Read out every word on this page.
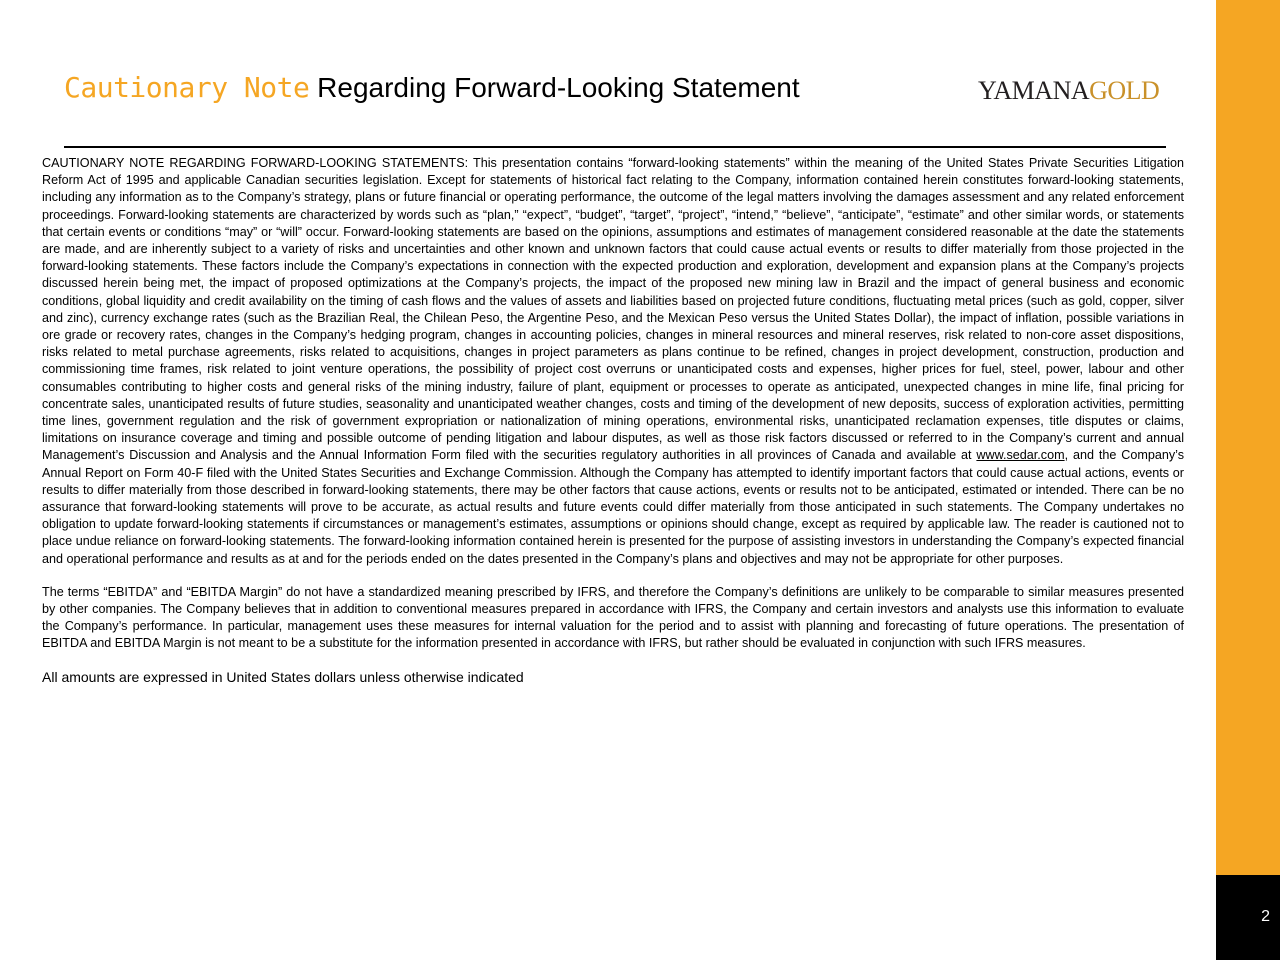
2
Cautionary Note Regarding Forward-Looking Statement	YAMANAGOLD

CAUTIONARY NOTE REGARDING FORWARD-LOOKING STATEMENTS: This presentation contains “forward-looking statements” within the meaning of the United States Private Securities Litigation Reform Act of 1995 and applicable Canadian securities legislation. Except for statements of historical fact relating to the Company, information contained herein constitutes forward-looking statements, including any information as to the Company’s strategy, plans or future financial or operating performance, the outcome of the legal matters involving the damages assessment and any related enforcement proceedings. Forward-looking statements are characterized by words such as “plan,” “expect”, “budget”, “target”, “project”, “intend,” “believe”, “anticipate”, “estimate” and other similar words, or statements that certain events or conditions “may” or “will” occur. Forward-looking statements are based on the opinions, assumptions and estimates of management considered reasonable at the date the statements are made, and are inherently subject to a variety of risks and uncertainties and other known and unknown factors that could cause actual events or results to differ materially from those projected in the forward-looking statements. These factors include the Company’s expectations in connection with the expected production and exploration, development and expansion plans at the Company’s projects discussed herein being met, the impact of proposed optimizations at the Company’s projects, the impact of the proposed new mining law in Brazil and the impact of general business and economic conditions, global liquidity and credit availability on the timing of cash flows and the values of assets and liabilities based on projected future conditions, fluctuating metal prices (such as gold, copper, silver and zinc), currency exchange rates (such as the Brazilian Real, the Chilean Peso, the Argentine Peso, and the Mexican Peso versus the United States Dollar), the impact of inflation, possible variations in ore grade or recovery rates, changes in the Company’s hedging program, changes in accounting policies, changes in mineral resources and mineral reserves, risk related to non-core asset dispositions, risks related to metal purchase agreements, risks related to acquisitions, changes in project parameters as plans continue to be refined, changes in project development, construction, production and commissioning time frames, risk related to joint venture operations, the possibility of project cost overruns or unanticipated costs and expenses, higher prices for fuel, steel, power, labour and other consumables contributing to higher costs and general risks of the mining industry, failure of plant, equipment or processes to operate as anticipated, unexpected changes in mine life, final pricing for concentrate sales, unanticipated results of future studies, seasonality and unanticipated weather changes, costs and timing of the development of new deposits, success of exploration activities, permitting time lines, government regulation and the risk of government expropriation or nationalization of mining operations, environmental risks, unanticipated reclamation expenses, title disputes or claims, limitations on insurance coverage and timing and possible outcome of pending litigation and labour disputes, as well as those risk factors discussed or referred to in the Company’s current and annual Management’s Discussion and Analysis and the Annual Information Form filed with the securities regulatory authorities in all provinces of Canada and available at www.sedar.com, and the Company’s Annual Report on Form 40-F filed with the United States Securities and Exchange Commission. Although the Company has attempted to identify important factors that could cause actual actions, events or results to differ materially from those described in forward-looking statements, there may be other factors that cause actions, events or results not to be anticipated, estimated or intended. There can be no assurance that forward-looking statements will prove to be accurate, as actual results and future events could differ materially from those anticipated in such statements. The Company undertakes no obligation to update forward-looking statements if circumstances or management’s estimates, assumptions or opinions should change, except as required by applicable law. The reader is cautioned not to place undue reliance on forward-looking statements. The forward-looking information contained herein is presented for the purpose of assisting investors in understanding the Company’s expected financial and operational performance and results as at and for the periods ended on the dates presented in the Company’s plans and objectives and may not be appropriate for other purposes.

The terms “EBITDA” and “EBITDA Margin” do not have a standardized meaning prescribed by IFRS, and therefore the Company’s definitions are unlikely to be comparable to similar measures presented by other companies. The Company believes that in addition to conventional measures prepared in accordance with IFRS, the Company and certain investors and analysts use this information to evaluate the Company’s performance. In particular, management uses these measures for internal valuation for the period and to assist with planning and forecasting of future operations. The presentation of EBITDA and EBITDA Margin is not meant to be a substitute for the information presented in accordance with IFRS, but rather should be evaluated in conjunction with such IFRS measures.

All amounts are expressed in United States dollars unless otherwise indicated
